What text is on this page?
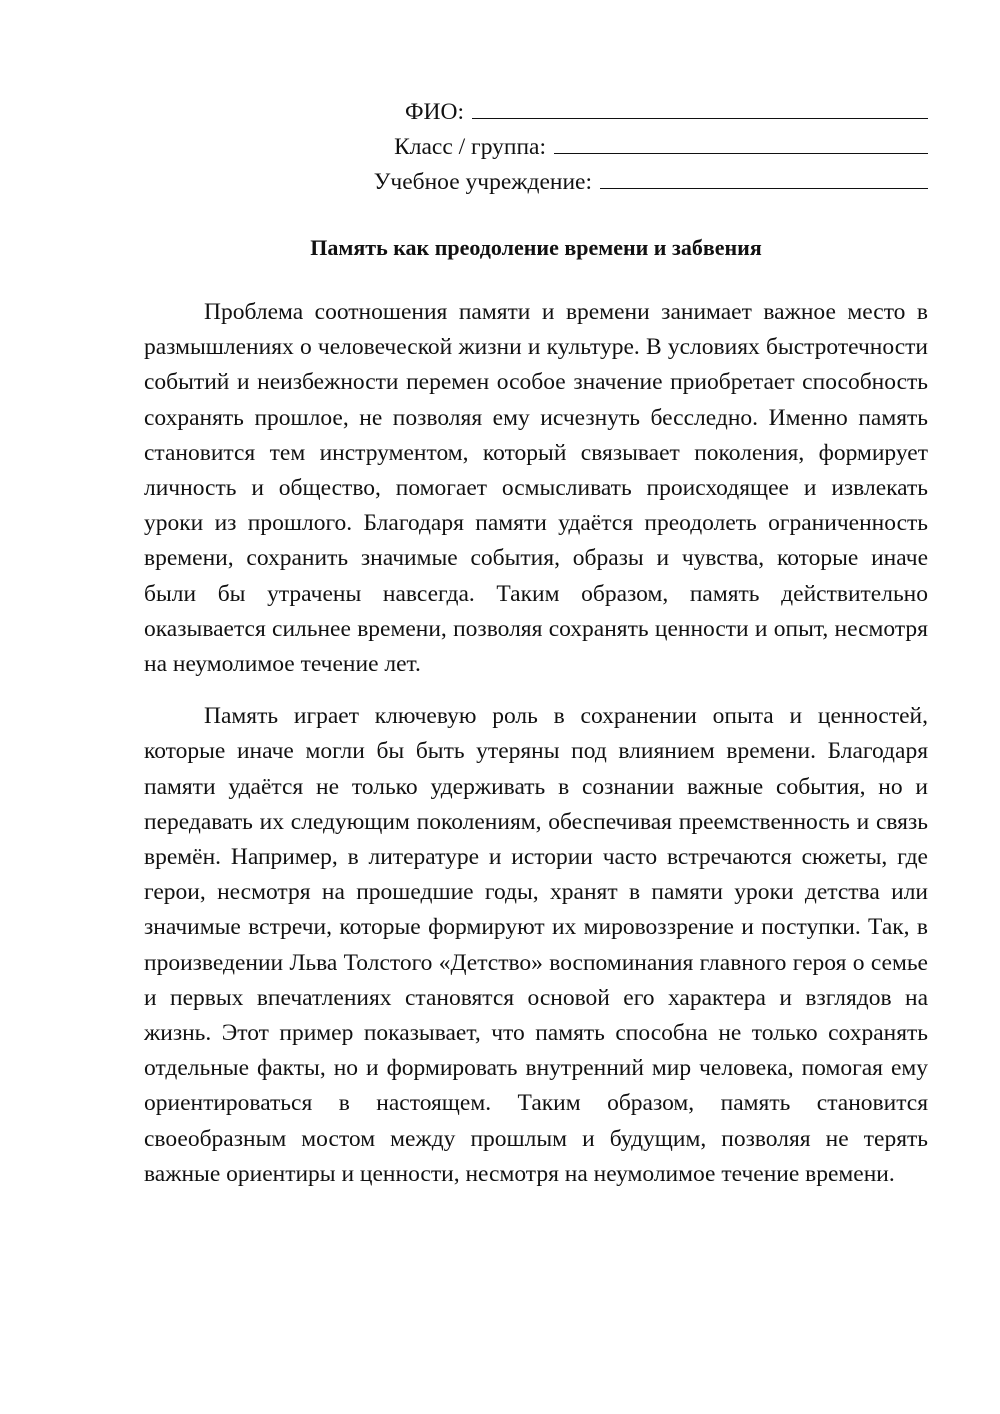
ФИО:
Класс / группа:
Учебное учреждение:
Память как преодоление времени и забвения

Проблема соотношения памяти и времени занимает важное место в размышлениях о человеческой жизни и культуре. В условиях быстротечности событий и неизбежности перемен особое значение приобретает способность сохранять прошлое, не позволяя ему исчезнуть бесследно. Именно память становится тем инструментом, который связывает поколения, формирует личность и общество, помогает осмысливать происходящее и извлекать уроки из прошлого. Благодаря памяти удаётся преодолеть ограниченность времени, сохранить значимые события, образы и чувства, которые иначе были бы утрачены навсегда. Таким образом, память действительно оказывается сильнее времени, позволяя сохранять ценности и опыт, несмотря на неумолимое течение лет.

Память играет ключевую роль в сохранении опыта и ценностей, которые иначе могли бы быть утеряны под влиянием времени. Благодаря памяти удаётся не только удерживать в сознании важные события, но и передавать их следующим поколениям, обеспечивая преемственность и связь времён. Например, в литературе и истории часто встречаются сюжеты, где герои, несмотря на прошедшие годы, хранят в памяти уроки детства или значимые встречи, которые формируют их мировоззрение и поступки. Так, в произведении Льва Толстого «Детство» воспоминания главного героя о семье и первых впечатлениях становятся основой его характера и взглядов на жизнь. Этот пример показывает, что память способна не только сохранять отдельные факты, но и формировать внутренний мир человека, помогая ему ориентироваться в настоящем. Таким образом, память становится своеобразным мостом между прошлым и будущим, позволяя не терять важные ориентиры и ценности, несмотря на неумолимое течение времени.
